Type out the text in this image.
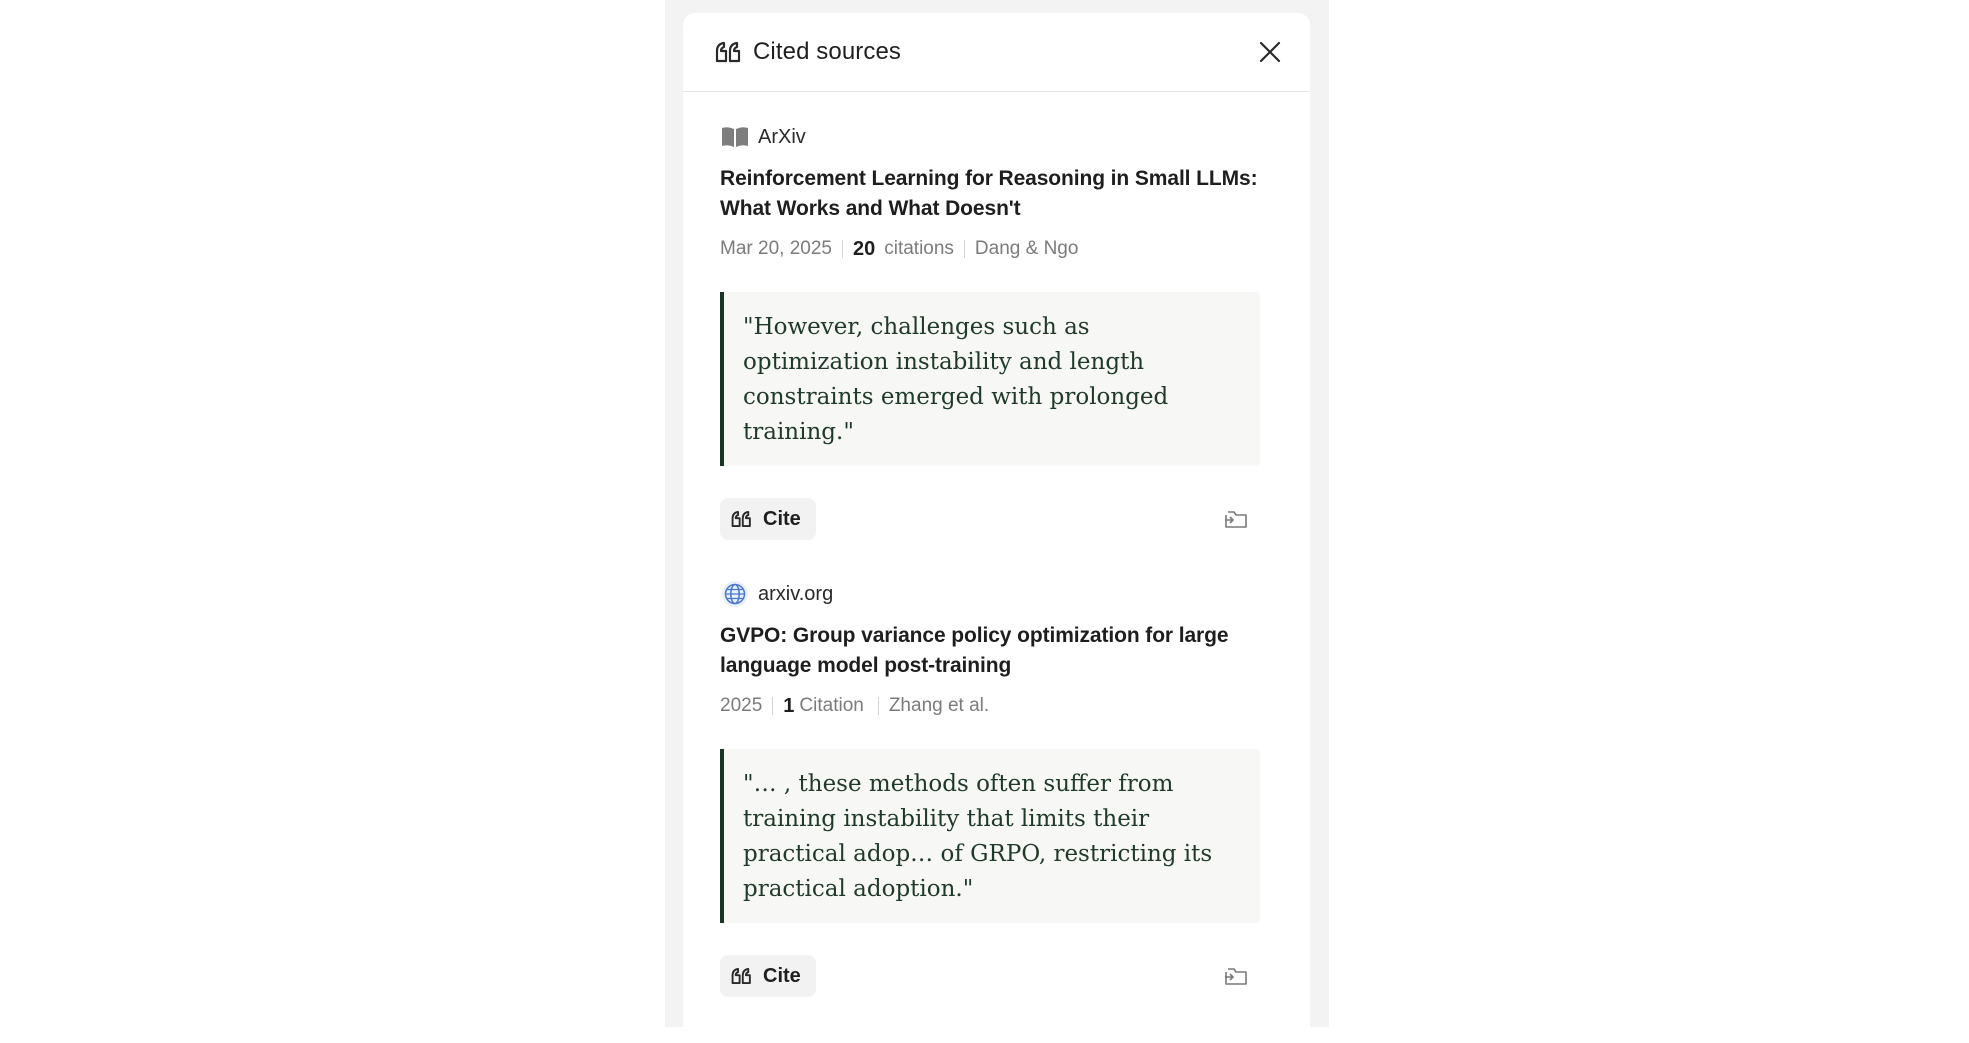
Cited sources
ArXiv
Reinforcement Learning for Reasoning in Small LLMs: What Works and What Doesn't
Mar 20, 2025 20 citations Dang & Ngo
"However, challenges such as optimization instability and length constraints emerged with prolonged training."
Cite
arxiv.org
GVPO: Group variance policy optimization for large language model post-training
2025 1 Citation Zhang et al.
"… , these methods often suffer from training instability that limits their practical adop… of GRPO, restricting its practical adoption."
Cite
